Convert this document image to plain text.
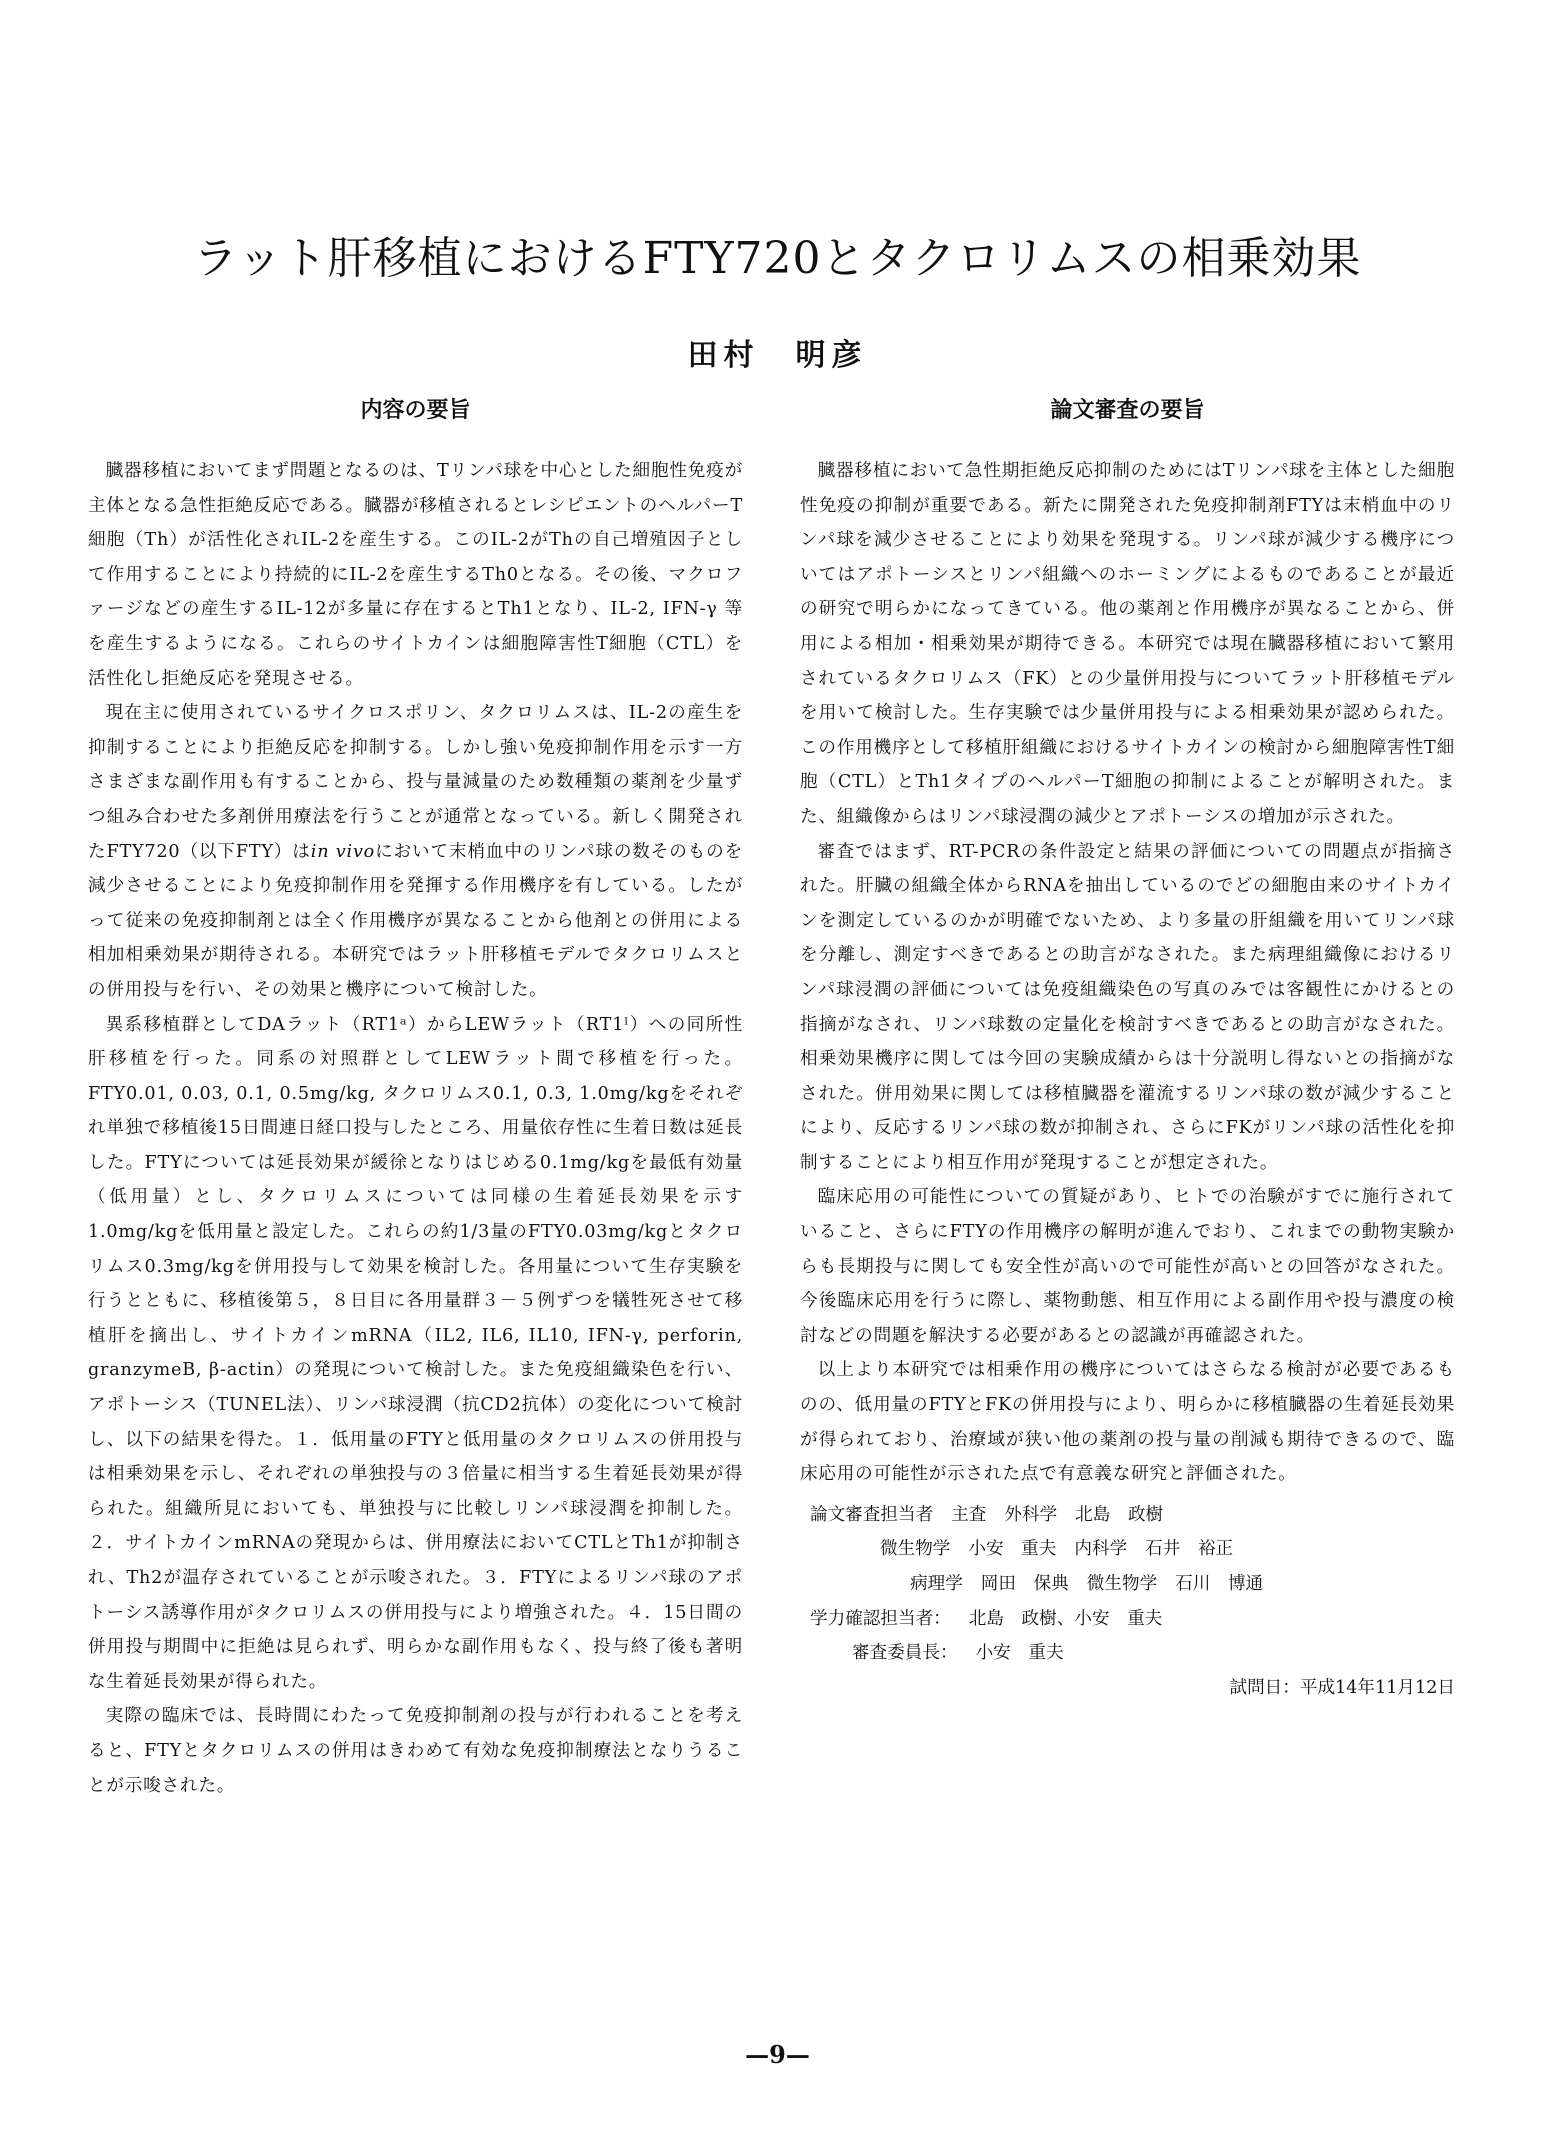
ラット肝移植におけるFTY720とタクロリムスの相乗効果
田村　明彦
内容の要旨

臓器移植においてまず問題となるのは、Tリンパ球を中心とした細胞性免疫が主体となる急性拒絶反応である。臓器が移植されるとレシピエントのヘルパーT細胞（Th）が活性化されIL-2を産生する。このIL-2がThの自己増殖因子として作用することにより持続的にIL-2を産生するTh0となる。その後、マクロファージなどの産生するIL-12が多量に存在するとTh1となり、IL-2, IFN-γ 等を産生するようになる。これらのサイトカインは細胞障害性T細胞（CTL）を活性化し拒絶反応を発現させる。

現在主に使用されているサイクロスポリン、タクロリムスは、IL-2の産生を抑制することにより拒絶反応を抑制する。しかし強い免疫抑制作用を示す一方さまざまな副作用も有することから、投与量減量のため数種類の薬剤を少量ずつ組み合わせた多剤併用療法を行うことが通常となっている。新しく開発されたFTY720（以下FTY）はin vivoにおいて末梢血中のリンパ球の数そのものを減少させることにより免疫抑制作用を発揮する作用機序を有している。したがって従来の免疫抑制剤とは全く作用機序が異なることから他剤との併用による相加相乗効果が期待される。本研究ではラット肝移植モデルでタクロリムスとの併用投与を行い、その効果と機序について検討した。

異系移植群としてDAラット（RT1ᵃ）からLEWラット（RT1ˡ）への同所性肝移植を行った。同系の対照群としてLEWラット間で移植を行った。FTY0.01, 0.03, 0.1, 0.5mg/kg, タクロリムス0.1, 0.3, 1.0mg/kgをそれぞれ単独で移植後15日間連日経口投与したところ、用量依存性に生着日数は延長した。FTYについては延長効果が緩徐となりはじめる0.1mg/kgを最低有効量（低用量）とし、タクロリムスについては同様の生着延長効果を示す1.0mg/kgを低用量と設定した。これらの約1/3量のFTY0.03mg/kgとタクロリムス0.3mg/kgを併用投与して効果を検討した。各用量について生存実験を行うとともに、移植後第５，８日目に各用量群３－５例ずつを犠牲死させて移植肝を摘出し、サイトカインmRNA（IL2, IL6, IL10, IFN-γ, perforin, granzymeB, β-actin）の発現について検討した。また免疫組織染色を行い、アポトーシス（TUNEL法）、リンパ球浸潤（抗CD2抗体）の変化について検討し、以下の結果を得た。１．低用量のFTYと低用量のタクロリムスの併用投与は相乗効果を示し、それぞれの単独投与の３倍量に相当する生着延長効果が得られた。組織所見においても、単独投与に比較しリンパ球浸潤を抑制した。２．サイトカインmRNAの発現からは、併用療法においてCTLとTh1が抑制され、Th2が温存されていることが示唆された。３．FTYによるリンパ球のアポトーシス誘導作用がタクロリムスの併用投与により増強された。４．15日間の併用投与期間中に拒絶は見られず、明らかな副作用もなく、投与終了後も著明な生着延長効果が得られた。

実際の臨床では、長時間にわたって免疫抑制剤の投与が行われることを考えると、FTYとタクロリムスの併用はきわめて有効な免疫抑制療法となりうることが示唆された。

論文審査の要旨

臓器移植において急性期拒絶反応抑制のためにはTリンパ球を主体とした細胞性免疫の抑制が重要である。新たに開発された免疫抑制剤FTYは末梢血中のリンパ球を減少させることにより効果を発現する。リンパ球が減少する機序についてはアポトーシスとリンパ組織へのホーミングによるものであることが最近の研究で明らかになってきている。他の薬剤と作用機序が異なることから、併用による相加・相乗効果が期待できる。本研究では現在臓器移植において繁用されているタクロリムス（FK）との少量併用投与についてラット肝移植モデルを用いて検討した。生存実験では少量併用投与による相乗効果が認められた。この作用機序として移植肝組織におけるサイトカインの検討から細胞障害性T細胞（CTL）とTh1タイプのヘルパーT細胞の抑制によることが解明された。また、組織像からはリンパ球浸潤の減少とアポトーシスの増加が示された。

審査ではまず、RT-PCRの条件設定と結果の評価についての問題点が指摘された。肝臓の組織全体からRNAを抽出しているのでどの細胞由来のサイトカインを測定しているのかが明確でないため、より多量の肝組織を用いてリンパ球を分離し、測定すべきであるとの助言がなされた。また病理組織像におけるリンパ球浸潤の評価については免疫組織染色の写真のみでは客観性にかけるとの指摘がなされ、リンパ球数の定量化を検討すべきであるとの助言がなされた。相乗効果機序に関しては今回の実験成績からは十分説明し得ないとの指摘がなされた。併用効果に関しては移植臓器を灌流するリンパ球の数が減少することにより、反応するリンパ球の数が抑制され、さらにFKがリンパ球の活性化を抑制することにより相互作用が発現することが想定された。

臨床応用の可能性についての質疑があり、ヒトでの治験がすでに施行されていること、さらにFTYの作用機序の解明が進んでおり、これまでの動物実験からも長期投与に関しても安全性が高いので可能性が高いとの回答がなされた。今後臨床応用を行うに際し、薬物動態、相互作用による副作用や投与濃度の検討などの問題を解決する必要があるとの認識が再確認された。

以上より本研究では相乗作用の機序についてはさらなる検討が必要であるものの、低用量のFTYとFKの併用投与により、明らかに移植臓器の生着延長効果が得られており、治療域が狭い他の薬剤の投与量の削減も期待できるので、臨床応用の可能性が示された点で有意義な研究と評価された。

論文審査担当者 主査 外科学 北島　政樹
微生物学 小安　重夫 内科学 石井　裕正
病理学 岡田　保典 微生物学 石川　博通
学力確認担当者： 北島　政樹、小安　重夫
審査委員長： 小安　重夫
試問日：平成14年11月12日
—9—
